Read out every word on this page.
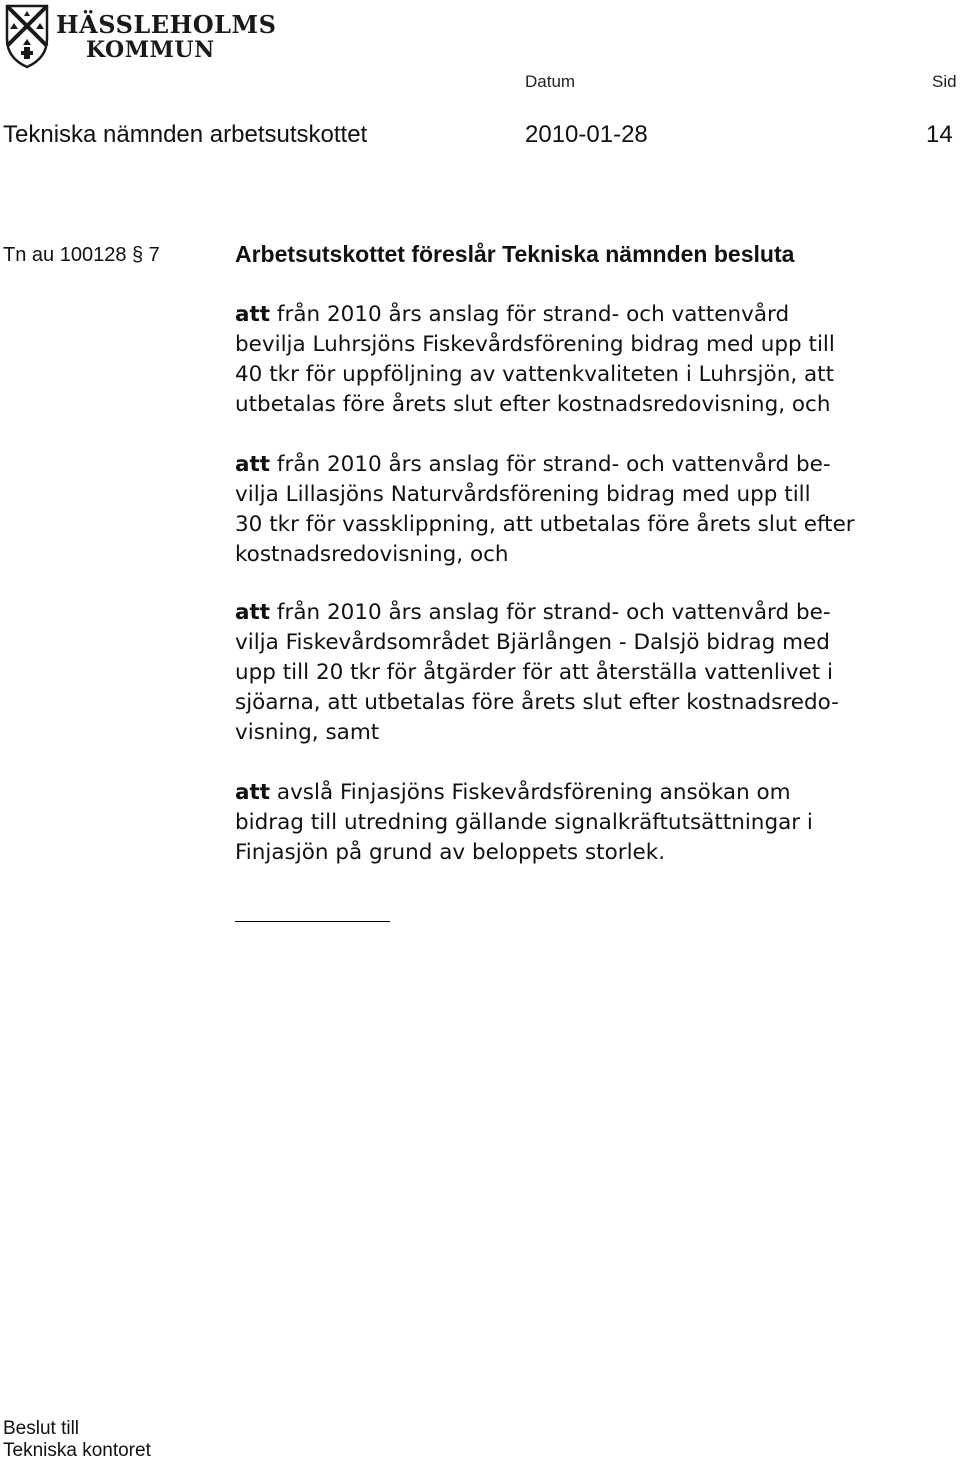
HÄSSLEHOLMS
KOMMUN
Datum	Sid
Tekniska nämnden arbetsutskottet	2010-01-28	14
Tn au 100128 § 7	Arbetsutskottet föreslår Tekniska nämnden besluta

att från 2010 års anslag för strand- och vattenvård
bevilja Luhrsjöns Fiskevårdsförening bidrag med upp till
40 tkr för uppföljning av vattenkvaliteten i Luhrsjön, att
utbetalas före årets slut efter kostnadsredovisning, och

att från 2010 års anslag för strand- och vattenvård be-
vilja Lillasjöns Naturvårdsförening bidrag med upp till
30 tkr för vassklippning, att utbetalas före årets slut efter
kostnadsredovisning, och

att från 2010 års anslag för strand- och vattenvård be-
vilja Fiskevårdsområdet Bjärlången - Dalsjö bidrag med
upp till 20 tkr för åtgärder för att återställa vattenlivet i
sjöarna, att utbetalas före årets slut efter kostnadsredo-
visning, samt

att avslå Finjasjöns Fiskevårdsförening ansökan om
bidrag till utredning gällande signalkräftutsättningar i
Finjasjön på grund av beloppets storlek.

Beslut till
Tekniska kontoret
